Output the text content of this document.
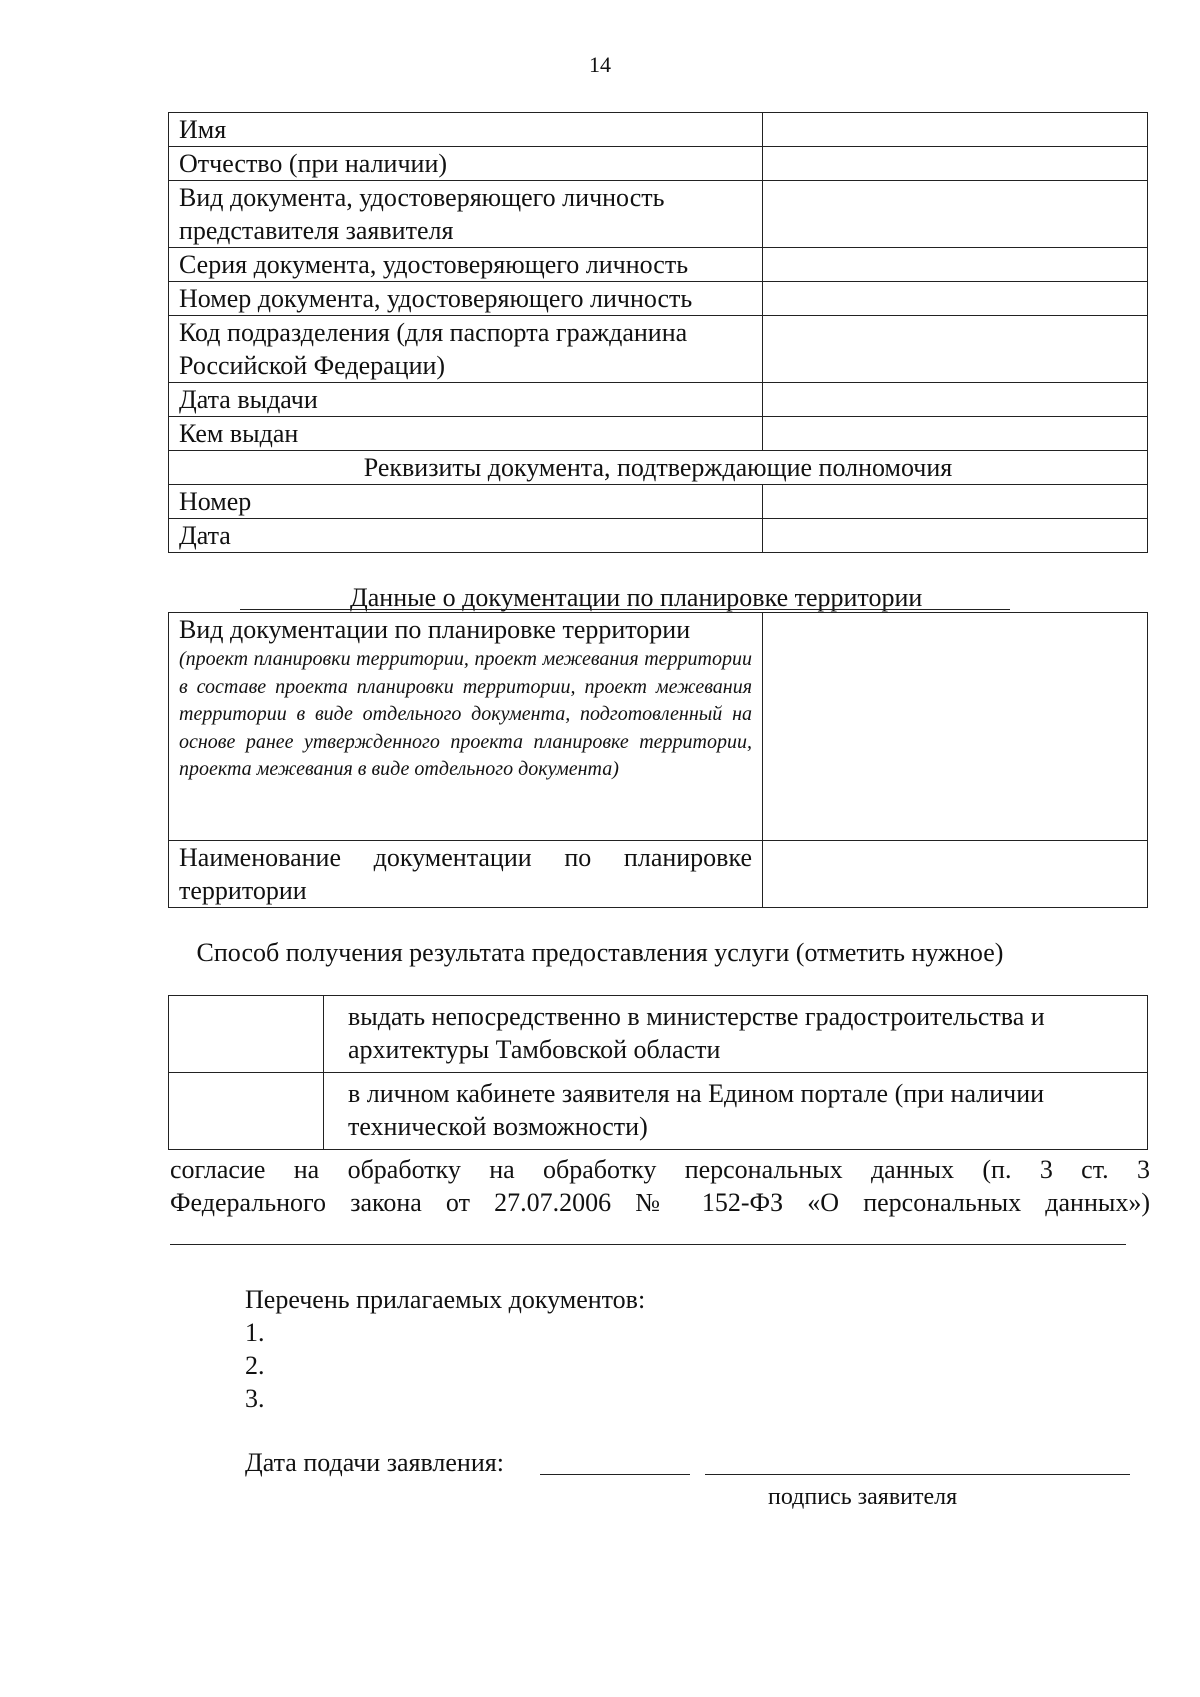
14
Имя	
Отчество (при наличии)	
Вид документа, удостоверяющего личность представителя заявителя	
Серия документа, удостоверяющего личность	
Номер документа, удостоверяющего личность	
Код подразделения (для паспорта гражданина Российской Федерации)	
Дата выдачи	
Кем выдан	
Реквизиты документа, подтверждающие полномочия	
Номер	
Дата	
Данные о документации по планировке территории
Вид документации по планировке территории
(проект планировки территории, проект межевания территории в составе проекта планировки территории, проект межевания территории в виде отдельного документа, подготовленный на основе ранее утвержденного проекта планировке территории, проекта межевания в виде отдельного документа)	

Наименование документации по планировке территории	

Способ получения результата предоставления услуги (отметить нужное)
	выдать непосредственно в министерстве градостроительства и архитектуры Тамбовской области
	в личном кабинете заявителя на Едином портале (при наличии технической возможности)
согласие на обработку на обработку персональных данных (п. 3 ст. 3
Федерального закона от 27.07.2006 № 152-ФЗ «О персональных данных»)
Перечень прилагаемых документов:
1.
2.
3.
Дата подачи заявления:
подпись заявителя
